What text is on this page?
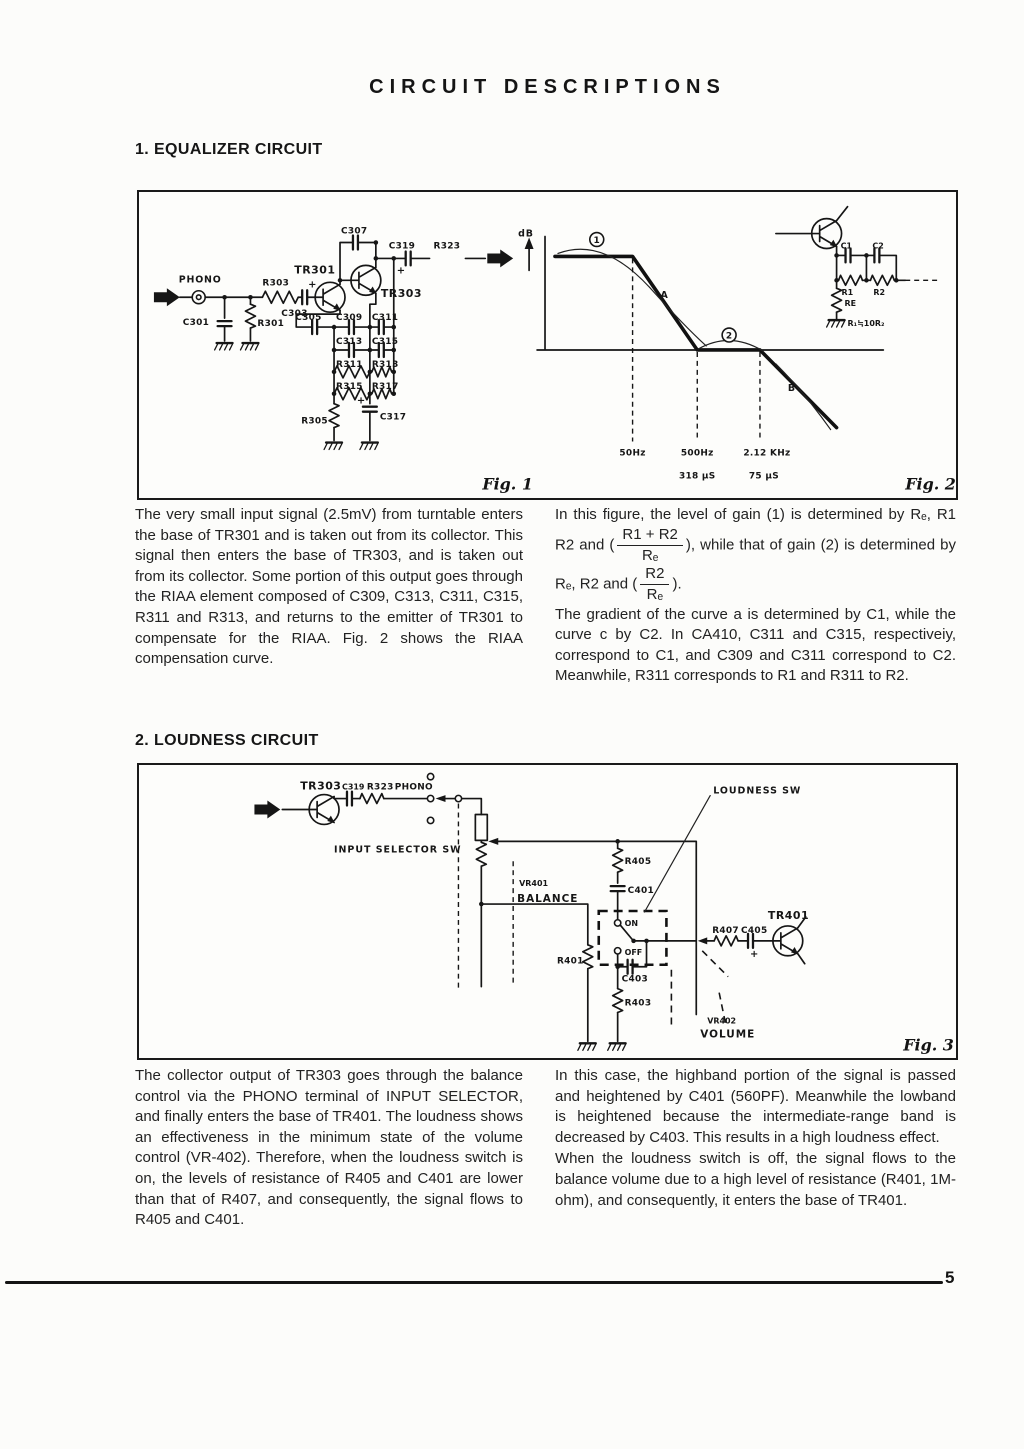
CIRCUIT DESCRIPTIONS
1. EQUALIZER CIRCUIT
PHONO
C301	R301
R303
C303
+
TR301
TR303
C307
C319
+
R323
C305 C309 C311
C313 C315
R311 R313
R315 R317
R305	C317
+
1
2
dB
A
B
50Hz	500Hz	2.12 KHz
318 µS	75 µS
C1	C2
R1	R2
RE
R₁≒10R₂
Fig. 1	Fig. 2

The very small input signal (2.5mV) from turntable enters the base of TR301 and is taken out from its collector. This signal then enters the base of TR303, and is taken out from its collector. Some portion of this output goes through the RIAA element composed of C309, C313, C311, C315, R311 and R313, and returns to the emitter of TR301 to compensate for the RIAA. Fig. 2 shows the RIAA compensation curve.

In this figure, the level of gain (1) is determined by Rₑ, R1 R2 and ( $\frac{R1 + R2}{\text{Rₑ}}$ ), while that of gain (2) is determined by Rₑ, R2 and ( $\frac{R2}{\text{Rₑ}}$ ).

The gradient of the curve a is determined by C1, while the curve c by C2. In CA410, C311 and C315, respectiveiy, correspond to C1, and C309 and C311 correspond to C2. Meanwhile, R311 corresponds to R1 and R311 to R2.

2. LOUDNESS CIRCUIT
TR303 C319 R323 PHONO
INPUT SELECTOR SW
LOUDNESS SW
R405
C401
VR401
BALANCE
ON
OFF
R401
C403
R403
R407 C405
+
TR401
VR402
VOLUME
Fig. 3

The collector output of TR303 goes through the balance control via the PHONO terminal of INPUT SELECTOR, and finally enters the base of TR401. The loudness shows an effectiveness in the minimum state of the volume control (VR-402). Therefore, when the loudness switch is on, the levels of resistance of R405 and C401 are lower than that of R407, and consequently, the signal flows to R405 and C401.

In this case, the highband portion of the signal is passed and heightened by C401 (560PF). Meanwhile the lowband is heightened because the intermediate-range band is decreased by C403. This results in a high loudness effect.

When the loudness switch is off, the signal flows to the balance volume due to a high level of resistance (R401, 1M-ohm), and consequently, it enters the base of TR401.

5
